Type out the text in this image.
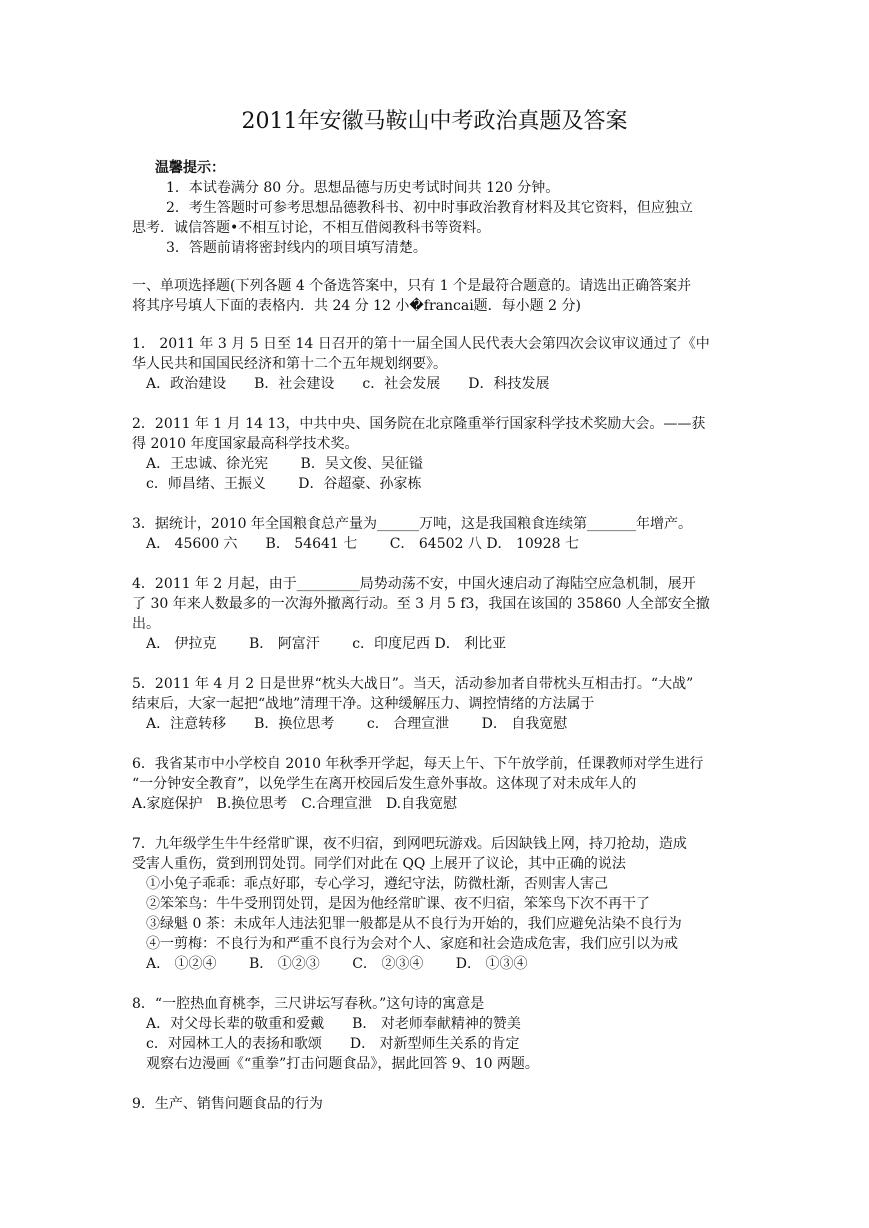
2011年安徽马鞍山中考政治真题及答案
温馨提示：
1．本试卷满分 80 分。思想品德与历史考试时间共 120 分钟。
2．考生答题时可参考思想品德教科书、初中时事政治教育材料及其它资料，但应独立
思考．诚信答题•不相互讨论，不相互借阅教科书等资料。
3．答题前请将密封线内的项目填写清楚。
一、单项选择题(下列各题 4 个备选答案中，只有 1 个是最符合题意的。请选出正确答案并
将其序号填人下面的表格内．共 24 分 12 小�francai题．每小题 2 分)
1． 2011 年 3 月 5 日至 14 日召开的第十一届全国人民代表大会第四次会议审议通过了《中
华人民共和国国民经济和第十二个五年规划纲要》。
A．政治建设　　B．社会建设　　c．社会发展　　D．科技发展
2．2011 年 1 月 14 13，中共中央、国务院在北京隆重举行国家科学技术奖励大会。——获
得 2010 年度国家最高科学技术奖。
A．王忠诚、徐光宪　　 B．吴文俊、吴征镒
c．师昌绪、王振义　　 D．谷超豪、孙家栋
3．据统计，2010 年全国粮食总产量为______万吨，这是我国粮食连续第_______年增产。
A． 45600 六　　B． 54641 七　　 C． 64502 八 D． 10928 七
4．2011 年 2 月起，由于_________局势动荡不安，中国火速启动了海陆空应急机制，展开
了 30 年来人数最多的一次海外撤离行动。至 3 月 5 f3，我国在该国的 35860 人全部安全撤
出。
A． 伊拉克　　 B． 阿富汗　　 c．印度尼西 D． 利比亚
5．2011 年 4 月 2 日是世界“枕头大战日”。当天，活动参加者自带枕头互相击打。“大战”
结束后，大家一起把“战地”清理干净。这种缓解压力、调控情绪的方法属于
A．注意转移　　B．换位思考　　 c． 合理宣泄　　 D． 自我宽慰
6．我省某市中小学校自 2010 年秋季开学起，每天上午、下午放学前，任课教师对学生进行
“一分钟安全教育”，以免学生在离开校园后发生意外事故。这体现了对未成年人的
A.家庭保护　B.换位思考　C.合理宣泄　D.自我宽慰
7．九年级学生牛牛经常旷课，夜不归宿，到网吧玩游戏。后因缺钱上网，持刀抢劫，造成
受害人重伤，赏到刑罚处罚。同学们对此在 QQ 上展开了议论，其中正确的说法
①小兔子乖乖：乖点好耶，专心学习，遵纪守法，防微杜渐，否则害人害己
②笨笨鸟：牛牛受刑罚处罚，是因为他经常旷课、夜不归宿，笨笨鸟下次不再干了
③绿魁 0 茶：未成年人违法犯罪一般都是从不良行为开始的，我们应避免沾染不良行为
④一剪梅：不良行为和严重不良行为会对个人、家庭和社会造成危害，我们应引以为戒
A． ①②④　　 B． ①②③　　 C． ②③④　　 D． ①③④
8．“一腔热血育桃李，三尺讲坛写春秋。”这句诗的寓意是
A．对父母长辈的敬重和爱戴　　B． 对老师奉献精神的赞美
c．对园林工人的表扬和歌颂　　D． 对新型师生关系的肯定
观察右边漫画《“重拳”打击问题食品》，据此回答 9、10 两题。
9．生产、销售问题食品的行为
